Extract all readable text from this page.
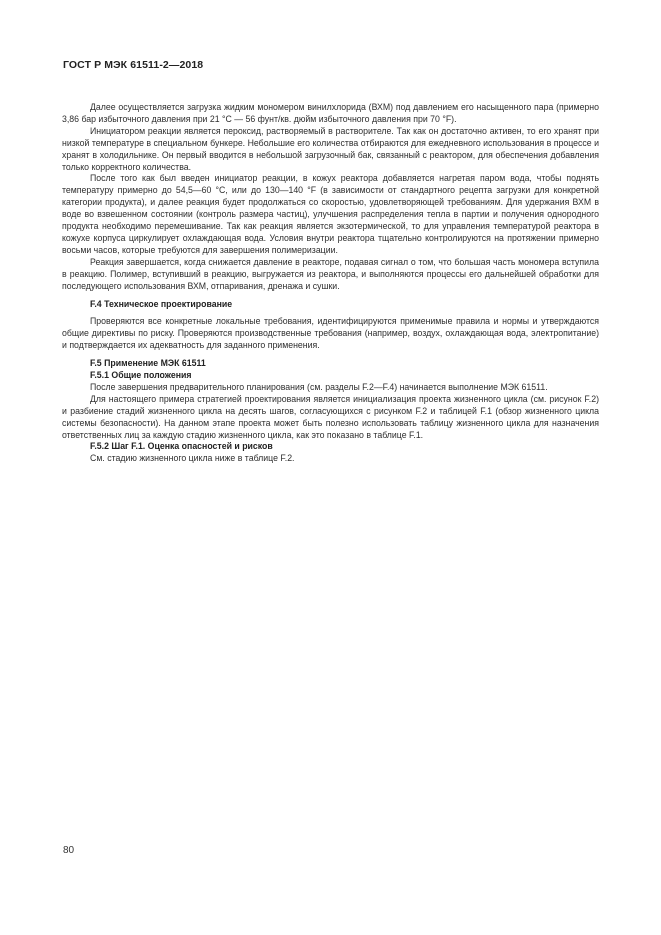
ГОСТ Р МЭК 61511-2—2018

Далее осуществляется загрузка жидким мономером винилхлорида (ВХМ) под давлением его насыщенного пара (примерно 3,86 бар избыточного давления при 21 °С — 56 фунт/кв. дюйм избыточного давления при 70 °F).

Инициатором реакции является пероксид, растворяемый в растворителе. Так как он достаточно активен, то его хранят при низкой температуре в специальном бункере. Небольшие его количества отбираются для ежедневного использования в процессе и хранят в холодильнике. Он первый вводится в небольшой загрузочный бак, связанный с реактором, для обеспечения добавления только корректного количества.

После того как был введен инициатор реакции, в кожух реактора добавляется нагретая паром вода, чтобы поднять температуру примерно до 54,5—60 °С, или до 130—140 °F (в зависимости от стандартного рецепта загрузки для конкретной категории продукта), и далее реакция будет продолжаться со скоростью, удовлетворяющей требованиям. Для удержания ВХМ в воде во взвешенном состоянии (контроль размера частиц), улучшения распределения тепла в партии и получения однородного продукта необходимо перемешивание. Так как реакция является экзотермической, то для управления температурой реактора в кожухе корпуса циркулирует охлаждающая вода. Условия внутри реактора тщательно контролируются на протяжении примерно восьми часов, которые требуются для завершения полимеризации.

Реакция завершается, когда снижается давление в реакторе, подавая сигнал о том, что большая часть мономера вступила в реакцию. Полимер, вступивший в реакцию, выгружается из реактора, и выполняются процессы его дальнейшей обработки для последующего использования ВХМ, отпаривания, дренажа и сушки.

F.4 Техническое проектирование

Проверяются все конкретные локальные требования, идентифицируются применимые правила и нормы и утверждаются общие директивы по риску. Проверяются производственные требования (например, воздух, охлаждающая вода, электропитание) и подтверждается их адекватность для заданного применения.

F.5 Применение МЭК 61511
F.5.1 Общие положения

После завершения предварительного планирования (см. разделы F.2—F.4) начинается выполнение МЭК 61511.

Для настоящего примера стратегией проектирования является инициализация проекта жизненного цикла (см. рисунок F.2) и разбиение стадий жизненного цикла на десять шагов, согласующихся с рисунком F.2 и таблицей F.1 (обзор жизненного цикла системы безопасности). На данном этапе проекта может быть полезно использовать таблицу жизненного цикла для назначения ответственных лиц за каждую стадию жизненного цикла, как это показано в таблице F.1.

F.5.2 Шаг F.1. Оценка опасностей и рисков

См. стадию жизненного цикла ниже в таблице F.2.

80
